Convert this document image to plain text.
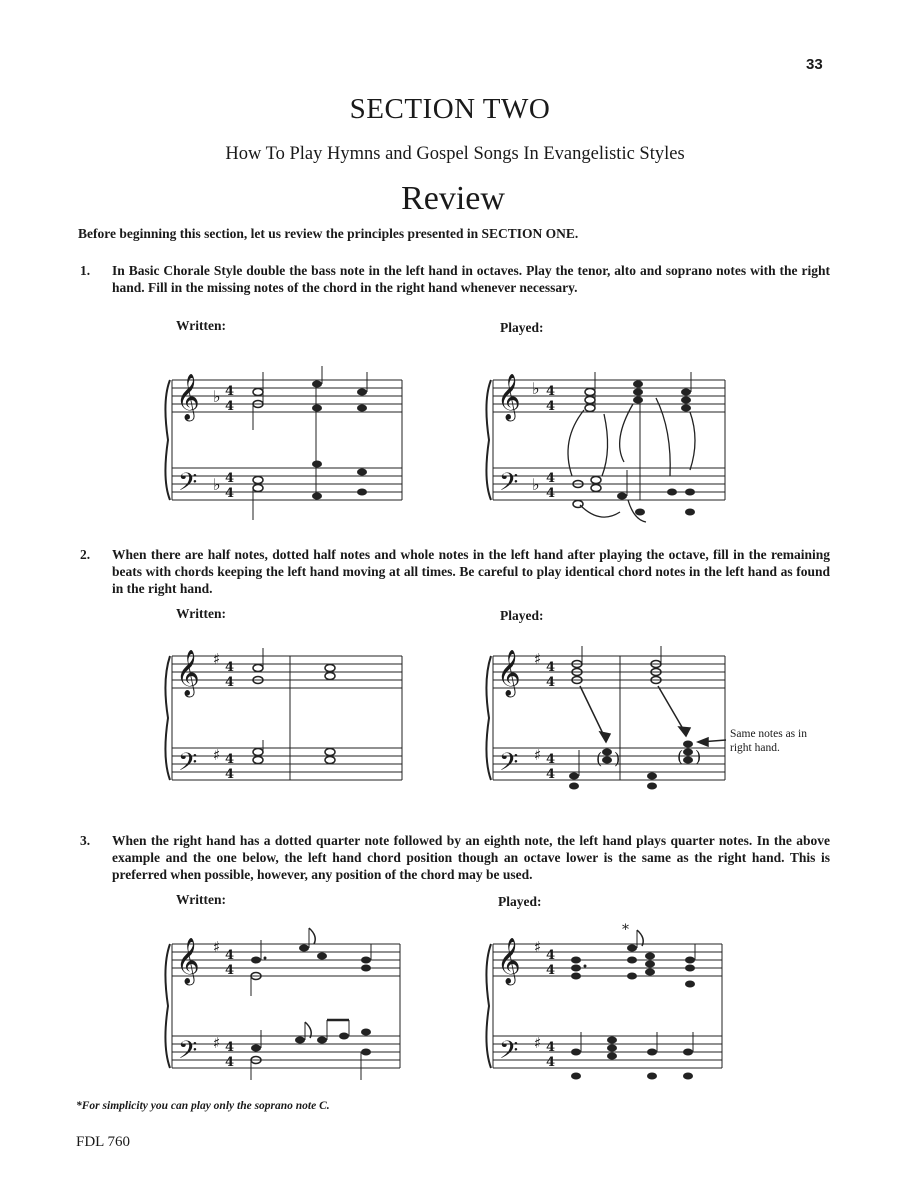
33
SECTION TWO
How To Play Hymns and Gospel Songs In Evangelistic Styles
Review
Before beginning this section, let us review the principles presented in SECTION ONE.
1.	In Basic Chorale Style double the bass note in the left hand in octaves. Play the tenor, alto and soprano notes with the right hand. Fill in the missing notes of the chord in the right hand whenever necessary.
Written:	Played:
2.	When there are half notes, dotted half notes and whole notes in the left hand after playing the octave, fill in the remaining beats with chords keeping the left hand moving at all times. Be careful to play identical chord notes in the left hand as found in the right hand.
Written:	Played:
Same notes as in right hand.
3.	When the right hand has a dotted quarter note followed by an eighth note, the left hand plays quarter notes. In the above example and the one below, the left hand chord position though an octave lower is the same as the right hand. This is preferred when possible, however, any position of the chord may be used.
Written:	Played:
*For simplicity you can play only the soprano note C.
FDL 760
𝄞
𝄢
♭
♭
4
4
4
4
𝄞
𝄢
♭
♭
4
4
4
4
𝄞
𝄢
♯
♯
4
4
4
4
𝄞
𝄢
♯
♯
4
4
4
4
( )	( )
𝄞
𝄢
♯
♯
4
4
4
4
𝄞
𝄢
♯
♯
4
4
4
4
*
